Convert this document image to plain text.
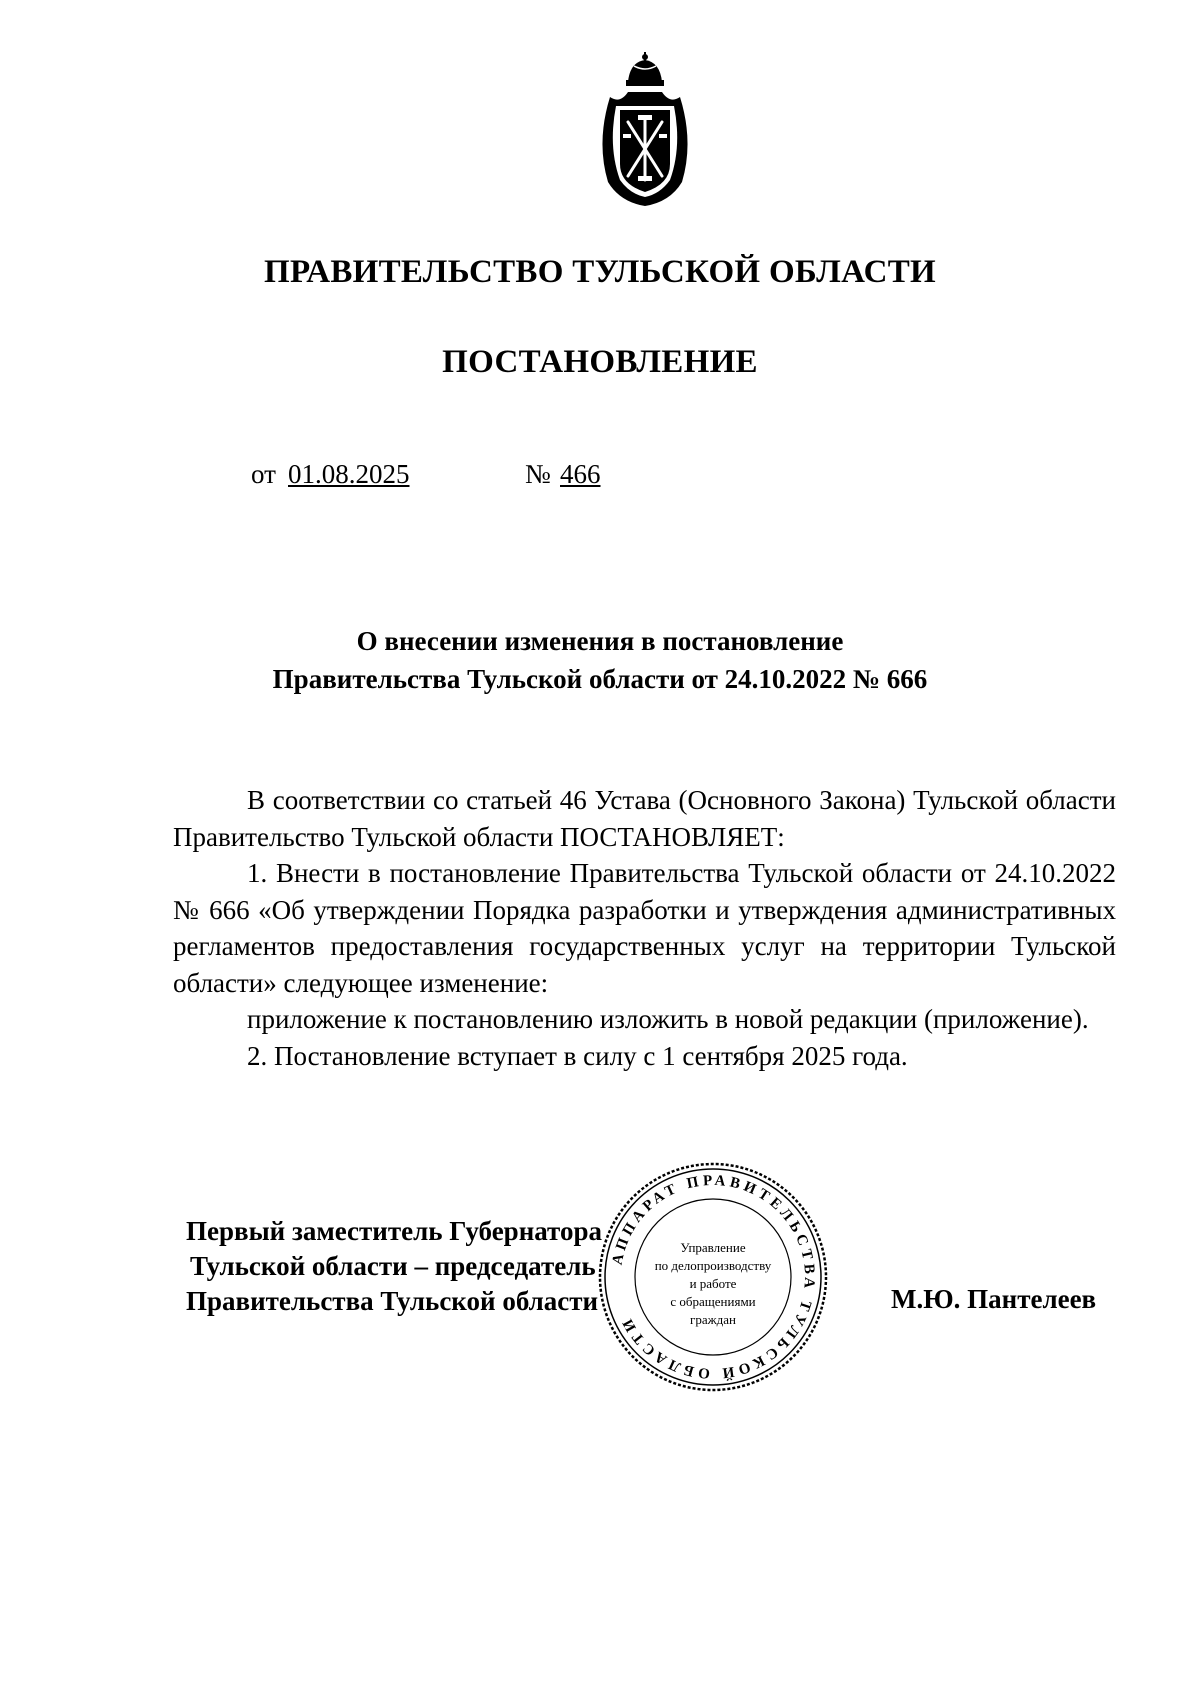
ПРАВИТЕЛЬСТВО ТУЛЬСКОЙ ОБЛАСТИ
ПОСТАНОВЛЕНИЕ
от 01.08.2025	№ 466
О внесении изменения в постановление
Правительства Тульской области от 24.10.2022 № 666

В соответствии со статьей 46 Устава (Основного Закона) Тульской области Правительство Тульской области ПОСТАНОВЛЯЕТ:

1. Внести в постановление Правительства Тульской области от 24.10.2022 № 666 «Об утверждении Порядка разработки и утверждения административных регламентов предоставления государственных услуг на территории Тульской области» следующее изменение:

приложение к постановлению изложить в новой редакции (приложение).

2. Постановление вступает в силу с 1 сентября 2025 года.

Первый заместитель Губернатора
Тульской области – председатель
Правительства Тульской области	М.Ю. Пантелеев
АППАРАТ ПРАВИТЕЛЬСТВА ТУЛЬСКОЙ ОБЛАСТИ
Управление
по делопроизводству
и работе
с обращениями
граждан
